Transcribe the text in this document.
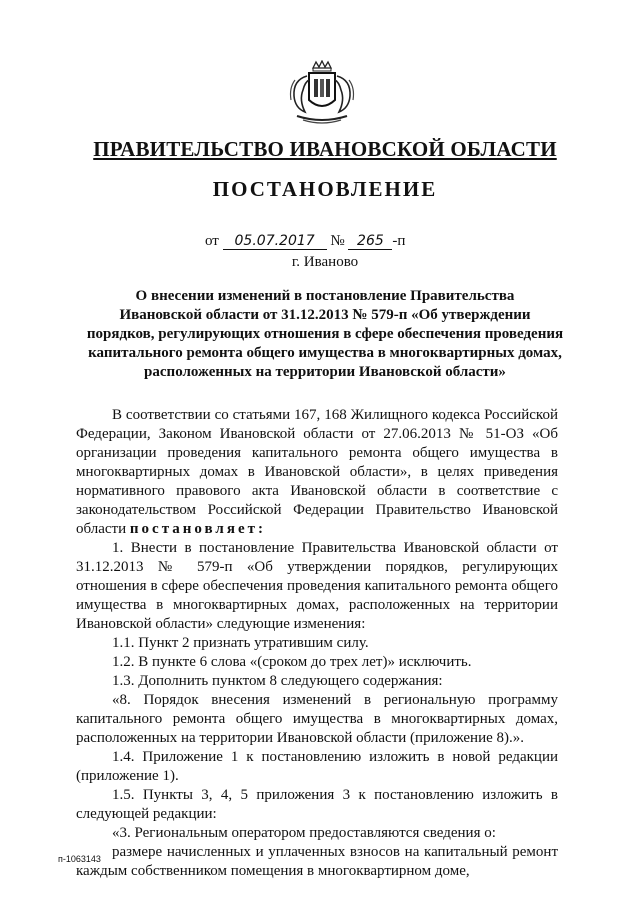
ПРАВИТЕЛЬСТВО ИВАНОВСКОЙ ОБЛАСТИ
ПОСТАНОВЛЕНИЕ
от 05.07.2017 № 265 -п
г. Иваново
О внесении изменений в постановление Правительства
Ивановской области от 31.12.2013 № 579-п «Об утверждении
порядков, регулирующих отношения в сфере обеспечения проведения
капитального ремонта общего имущества в многоквартирных домах,
расположенных на территории Ивановской области»

В соответствии со статьями 167, 168 Жилищного кодекса Российской Федерации, Законом Ивановской области от 27.06.2013 № 51-ОЗ «Об организации проведения капитального ремонта общего имущества в многоквартирных домах в Ивановской области», в целях приведения нормативного правового акта Ивановской области в соответствие с законодательством Российской Федерации Правительство Ивановской области постановляет:

1. Внести в постановление Правительства Ивановской области от 31.12.2013 № 579-п «Об утверждении порядков, регулирующих отношения в сфере обеспечения проведения капитального ремонта общего имущества в многоквартирных домах, расположенных на территории Ивановской области» следующие изменения:

1.1. Пункт 2 признать утратившим силу.

1.2. В пункте 6 слова «(сроком до трех лет)» исключить.

1.3. Дополнить пунктом 8 следующего содержания:

«8. Порядок внесения изменений в региональную программу капитального ремонта общего имущества в многоквартирных домах, расположенных на территории Ивановской области (приложение 8).».

1.4. Приложение 1 к постановлению изложить в новой редакции (приложение 1).

1.5. Пункты 3, 4, 5 приложения 3 к постановлению изложить в следующей редакции:

«3. Региональным оператором предоставляются сведения о:

размере начисленных и уплаченных взносов на капитальный ремонт каждым собственником помещения в многоквартирном доме,

п-1063143
